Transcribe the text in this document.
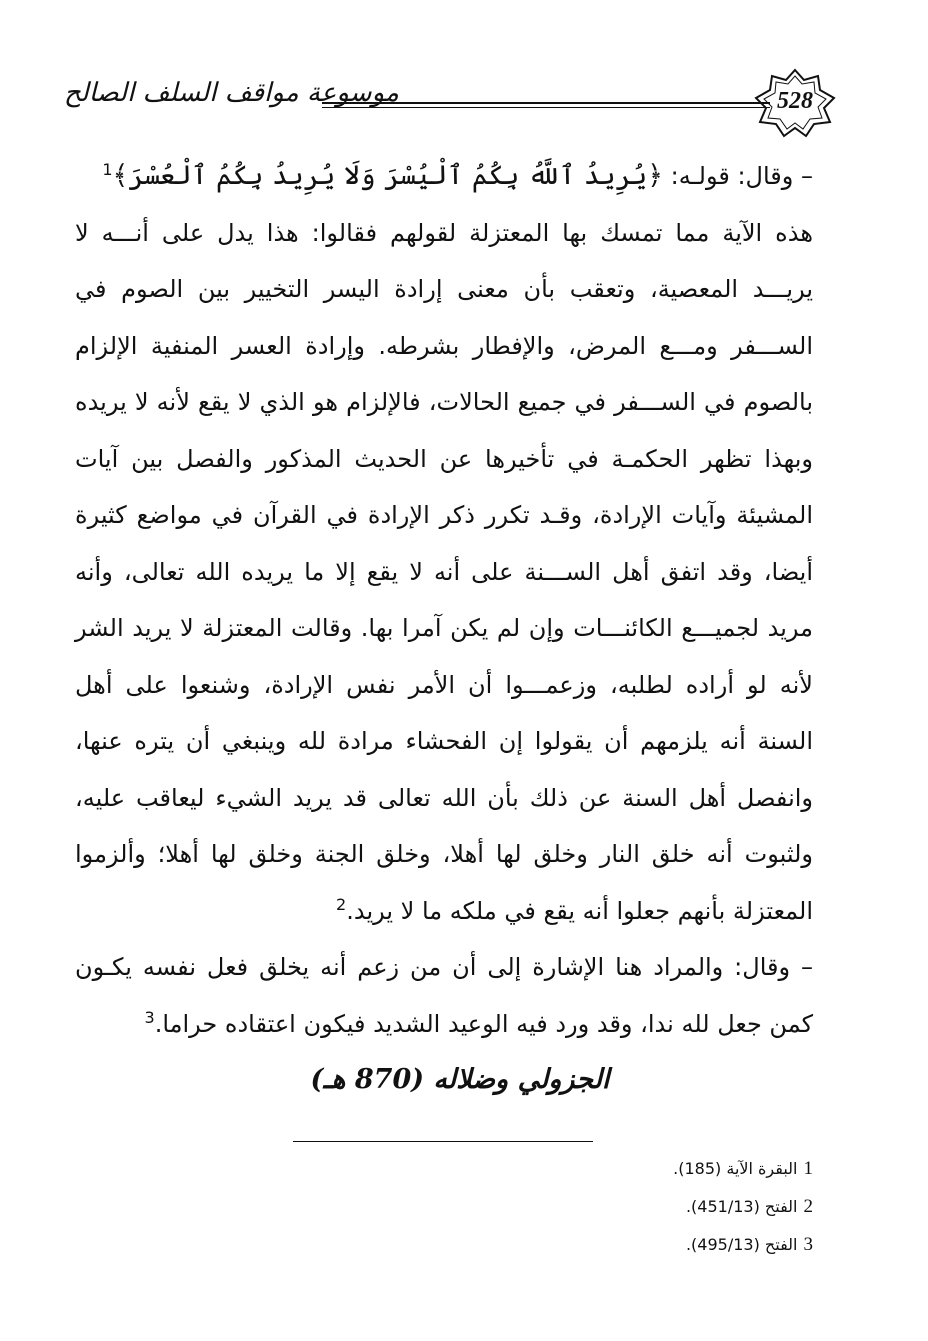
موسوعة مواقف السلف الصالح	528

– وقال: قولـه: ﴿يُرِيدُ ٱللَّهُ بِكُمُ ٱلْيُسْرَ وَلَا يُرِيدُ بِكُمُ ٱلْعُسْرَ﴾$^1$

هذه الآية مما تمسك بها المعتزلة لقولهم فقالوا: هذا يدل على أنـــه لا يريـــد المعصية، وتعقب بأن معنى إرادة اليسر التخيير بين الصوم في الســـفر ومـــع المرض، والإفطار بشرطه. وإرادة العسر المنفية الإلزام بالصوم في الســـفر في جميع الحالات، فالإلزام هو الذي لا يقع لأنه لا يريده وبهذا تظهر الحكمـة في تأخيرها عن الحديث المذكور والفصل بين آيات المشيئة وآيات الإرادة، وقـد تكرر ذكر الإرادة في القرآن في مواضع كثيرة أيضا، وقد اتفق أهل الســـنة على أنه لا يقع إلا ما يريده الله تعالى، وأنه مريد لجميـــع الكائنـــات وإن لم يكن آمرا بها. وقالت المعتزلة لا يريد الشر لأنه لو أراده لطلبه، وزعمـــوا أن الأمر نفس الإرادة، وشنعوا على أهل السنة أنه يلزمهم أن يقولوا إن الفحشاء مرادة لله وينبغي أن يتره عنها، وانفصل أهل السنة عن ذلك بأن الله تعالى قد يريد الشيء ليعاقب عليه، ولثبوت أنه خلق النار وخلق لها أهلا، وخلق الجنة وخلق لها أهلا؛ وألزموا المعتزلة بأنهم جعلوا أنه يقع في ملكه ما لا يريد.$^2$

– وقال: والمراد هنا الإشارة إلى أن من زعم أنه يخلق فعل نفسه يكـون كمن جعل لله ندا، وقد ورد فيه الوعيد الشديد فيكون اعتقاده حراما.$^3$

الجزولي وضلاله (870 هـ)
1
البقرة الآية (185).
2
الفتح (451/13).
3
الفتح (495/13).
